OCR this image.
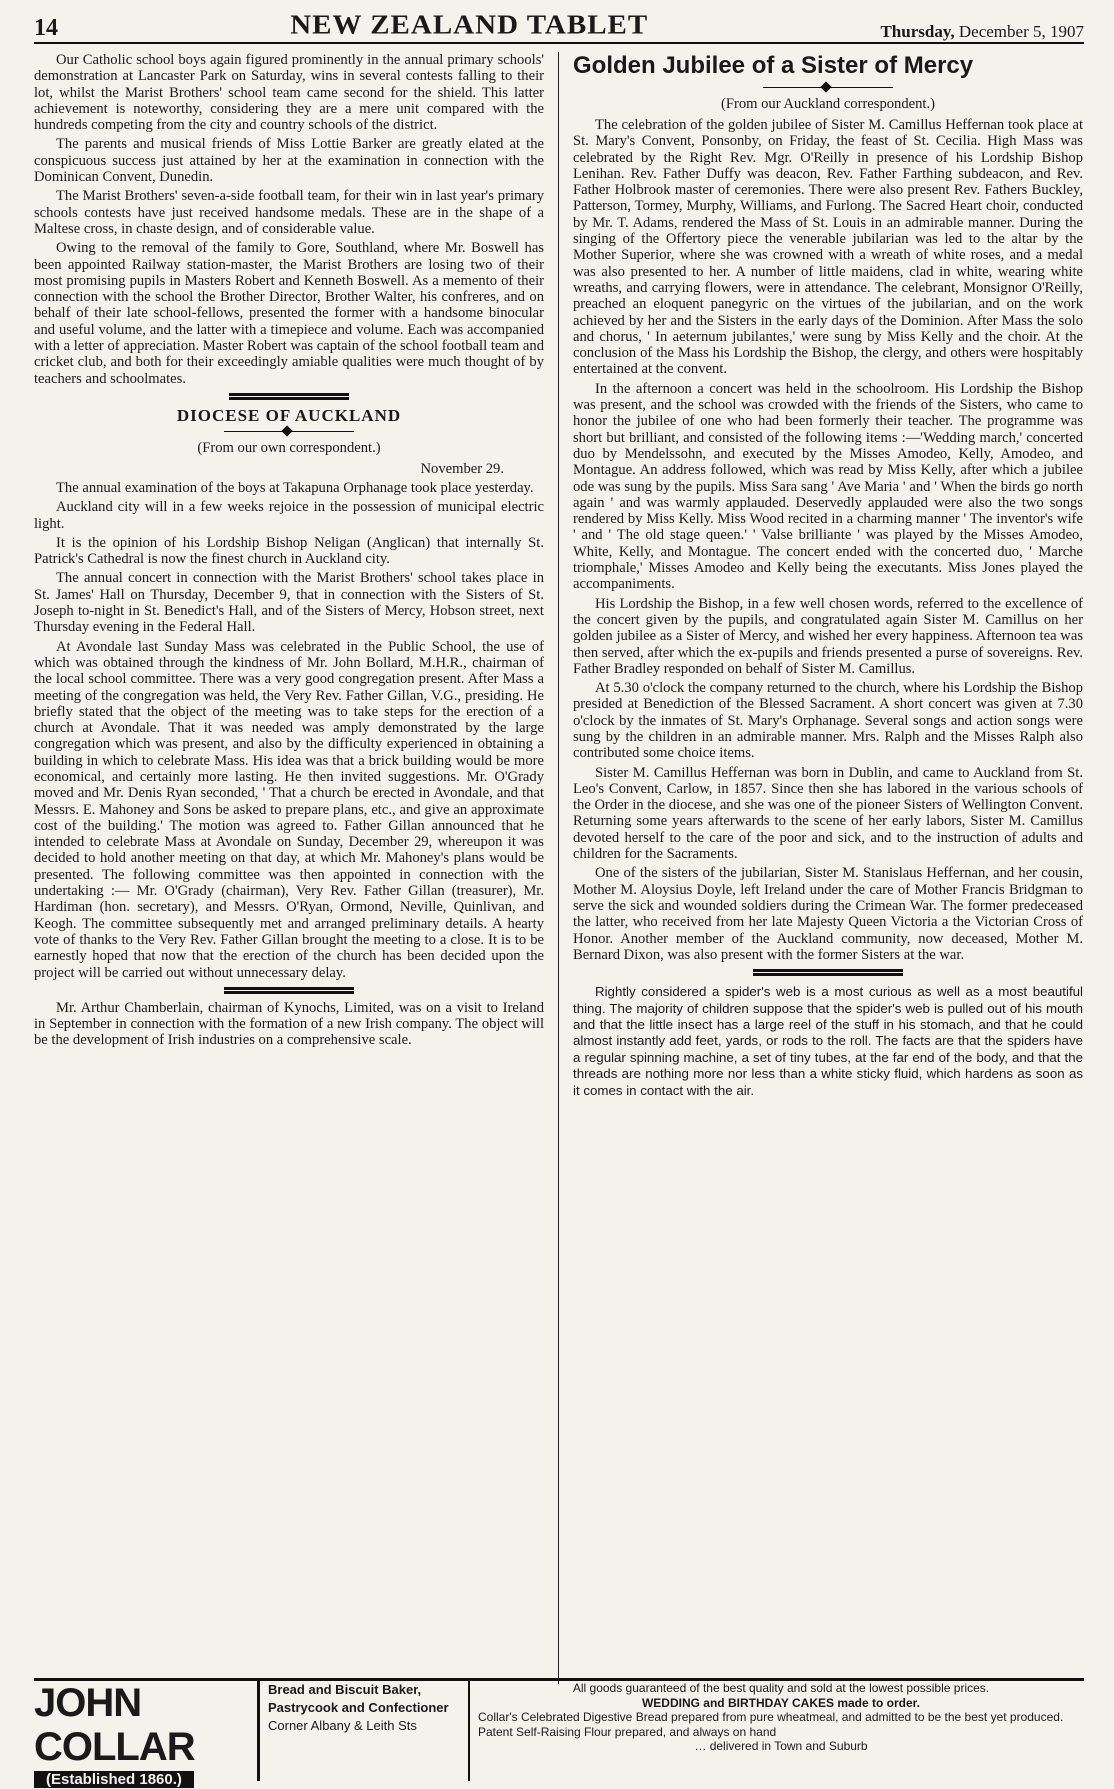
14	NEW ZEALAND TABLET	Thursday, December 5, 1907

Our Catholic school boys again figured prominently in the annual primary schools' demonstration at Lancaster Park on Saturday, wins in several contests falling to their lot, whilst the Marist Brothers' school team came second for the shield. This latter achievement is noteworthy, considering they are a mere unit compared with the hundreds competing from the city and country schools of the district.

The parents and musical friends of Miss Lottie Barker are greatly elated at the conspicuous success just attained by her at the examination in connection with the Dominican Convent, Dunedin.

The Marist Brothers' seven-a-side football team, for their win in last year's primary schools contests have just received handsome medals. These are in the shape of a Maltese cross, in chaste design, and of considerable value.

Owing to the removal of the family to Gore, Southland, where Mr. Boswell has been appointed Railway station-master, the Marist Brothers are losing two of their most promising pupils in Masters Robert and Kenneth Boswell. As a memento of their connection with the school the Brother Director, Brother Walter, his confreres, and on behalf of their late school-fellows, presented the former with a handsome binocular and useful volume, and the latter with a timepiece and volume. Each was accompanied with a letter of appreciation. Master Robert was captain of the school football team and cricket club, and both for their exceedingly amiable qualities were much thought of by teachers and schoolmates.

DIOCESE OF AUCKLAND
(From our own correspondent.)
November 29.

The annual examination of the boys at Takapuna Orphanage took place yesterday.

Auckland city will in a few weeks rejoice in the possession of municipal electric light.

It is the opinion of his Lordship Bishop Neligan (Anglican) that internally St. Patrick's Cathedral is now the finest church in Auckland city.

The annual concert in connection with the Marist Brothers' school takes place in St. James' Hall on Thursday, December 9, that in connection with the Sisters of St. Joseph to-night in St. Benedict's Hall, and of the Sisters of Mercy, Hobson street, next Thursday evening in the Federal Hall.

At Avondale last Sunday Mass was celebrated in the Public School, the use of which was obtained through the kindness of Mr. John Bollard, M.H.R., chairman of the local school committee. There was a very good congregation present. After Mass a meeting of the congregation was held, the Very Rev. Father Gillan, V.G., presiding. He briefly stated that the object of the meeting was to take steps for the erection of a church at Avondale. That it was needed was amply demonstrated by the large congregation which was present, and also by the difficulty experienced in obtaining a building in which to celebrate Mass. His idea was that a brick building would be more economical, and certainly more lasting. He then invited suggestions. Mr. O'Grady moved and Mr. Denis Ryan seconded, ' That a church be erected in Avondale, and that Messrs. E. Mahoney and Sons be asked to prepare plans, etc., and give an approximate cost of the building.' The motion was agreed to. Father Gillan announced that he intended to celebrate Mass at Avondale on Sunday, December 29, whereupon it was decided to hold another meeting on that day, at which Mr. Mahoney's plans would be presented. The following committee was then appointed in connection with the undertaking :— Mr. O'Grady (chairman), Very Rev. Father Gillan (treasurer), Mr. Hardiman (hon. secretary), and Messrs. O'Ryan, Ormond, Neville, Quinlivan, and Keogh. The committee subsequently met and arranged preliminary details. A hearty vote of thanks to the Very Rev. Father Gillan brought the meeting to a close. It is to be earnestly hoped that now that the erection of the church has been decided upon the project will be carried out without unnecessary delay.

Mr. Arthur Chamberlain, chairman of Kynochs, Limited, was on a visit to Ireland in September in connection with the formation of a new Irish company. The object will be the development of Irish industries on a comprehensive scale.

Golden Jubilee of a Sister of Mercy
(From our Auckland correspondent.)

The celebration of the golden jubilee of Sister M. Camillus Heffernan took place at St. Mary's Convent, Ponsonby, on Friday, the feast of St. Cecilia. High Mass was celebrated by the Right Rev. Mgr. O'Reilly in presence of his Lordship Bishop Lenihan. Rev. Father Duffy was deacon, Rev. Father Farthing subdeacon, and Rev. Father Holbrook master of ceremonies. There were also present Rev. Fathers Buckley, Patterson, Tormey, Murphy, Williams, and Furlong. The Sacred Heart choir, conducted by Mr. T. Adams, rendered the Mass of St. Louis in an admirable manner. During the singing of the Offertory piece the venerable jubilarian was led to the altar by the Mother Superior, where she was crowned with a wreath of white roses, and a medal was also presented to her. A number of little maidens, clad in white, wearing white wreaths, and carrying flowers, were in attendance. The celebrant, Monsignor O'Reilly, preached an eloquent panegyric on the virtues of the jubilarian, and on the work achieved by her and the Sisters in the early days of the Dominion. After Mass the solo and chorus, ' In aeternum jubilantes,' were sung by Miss Kelly and the choir. At the conclusion of the Mass his Lordship the Bishop, the clergy, and others were hospitably entertained at the convent.

In the afternoon a concert was held in the schoolroom. His Lordship the Bishop was present, and the school was crowded with the friends of the Sisters, who came to honor the jubilee of one who had been formerly their teacher. The programme was short but brilliant, and consisted of the following items :—'Wedding march,' concerted duo by Mendelssohn, and executed by the Misses Amodeo, Kelly, Amodeo, and Montague. An address followed, which was read by Miss Kelly, after which a jubilee ode was sung by the pupils. Miss Sara sang ' Ave Maria ' and ' When the birds go north again ' and was warmly applauded. Deservedly applauded were also the two songs rendered by Miss Kelly. Miss Wood recited in a charming manner ' The inventor's wife ' and ' The old stage queen.' ' Valse brilliante ' was played by the Misses Amodeo, White, Kelly, and Montague. The concert ended with the concerted duo, ' Marche triomphale,' Misses Amodeo and Kelly being the executants. Miss Jones played the accompaniments.

His Lordship the Bishop, in a few well chosen words, referred to the excellence of the concert given by the pupils, and congratulated again Sister M. Camillus on her golden jubilee as a Sister of Mercy, and wished her every happiness. Afternoon tea was then served, after which the ex-pupils and friends presented a purse of sovereigns. Rev. Father Bradley responded on behalf of Sister M. Camillus.

At 5.30 o'clock the company returned to the church, where his Lordship the Bishop presided at Benediction of the Blessed Sacrament. A short concert was given at 7.30 o'clock by the inmates of St. Mary's Orphanage. Several songs and action songs were sung by the children in an admirable manner. Mrs. Ralph and the Misses Ralph also contributed some choice items.

Sister M. Camillus Heffernan was born in Dublin, and came to Auckland from St. Leo's Convent, Carlow, in 1857. Since then she has labored in the various schools of the Order in the diocese, and she was one of the pioneer Sisters of Wellington Convent. Returning some years afterwards to the scene of her early labors, Sister M. Camillus devoted herself to the care of the poor and sick, and to the instruction of adults and children for the Sacraments.

One of the sisters of the jubilarian, Sister M. Stanislaus Heffernan, and her cousin, Mother M. Aloysius Doyle, left Ireland under the care of Mother Francis Bridgman to serve the sick and wounded soldiers during the Crimean War. The former predeceased the latter, who received from her late Majesty Queen Victoria a the Victorian Cross of Honor. Another member of the Auckland community, now deceased, Mother M. Bernard Dixon, was also present with the former Sisters at the war.

Rightly considered a spider's web is a most curious as well as a most beautiful thing. The majority of children suppose that the spider's web is pulled out of his mouth and that the little insect has a large reel of the stuff in his stomach, and that he could almost instantly add feet, yards, or rods to the roll. The facts are that the spiders have a regular spinning machine, a set of tiny tubes, at the far end of the body, and that the threads are nothing more nor less than a white sticky fluid, which hardens as soon as it comes in contact with the air.

JOHN COLLAR
(Established 1860.)
Bread and Biscuit Baker,
Pastrycook and Confectioner
Corner Albany & Leith Sts
All goods guaranteed of the best quality and sold at the lowest possible prices.
WEDDING and BIRTHDAY CAKES made to order.
Collar's Celebrated Digestive Bread prepared from pure wheatmeal, and admitted to be the best yet produced. Patent Self-Raising Flour prepared, and always on hand
… delivered in Town and Suburb
